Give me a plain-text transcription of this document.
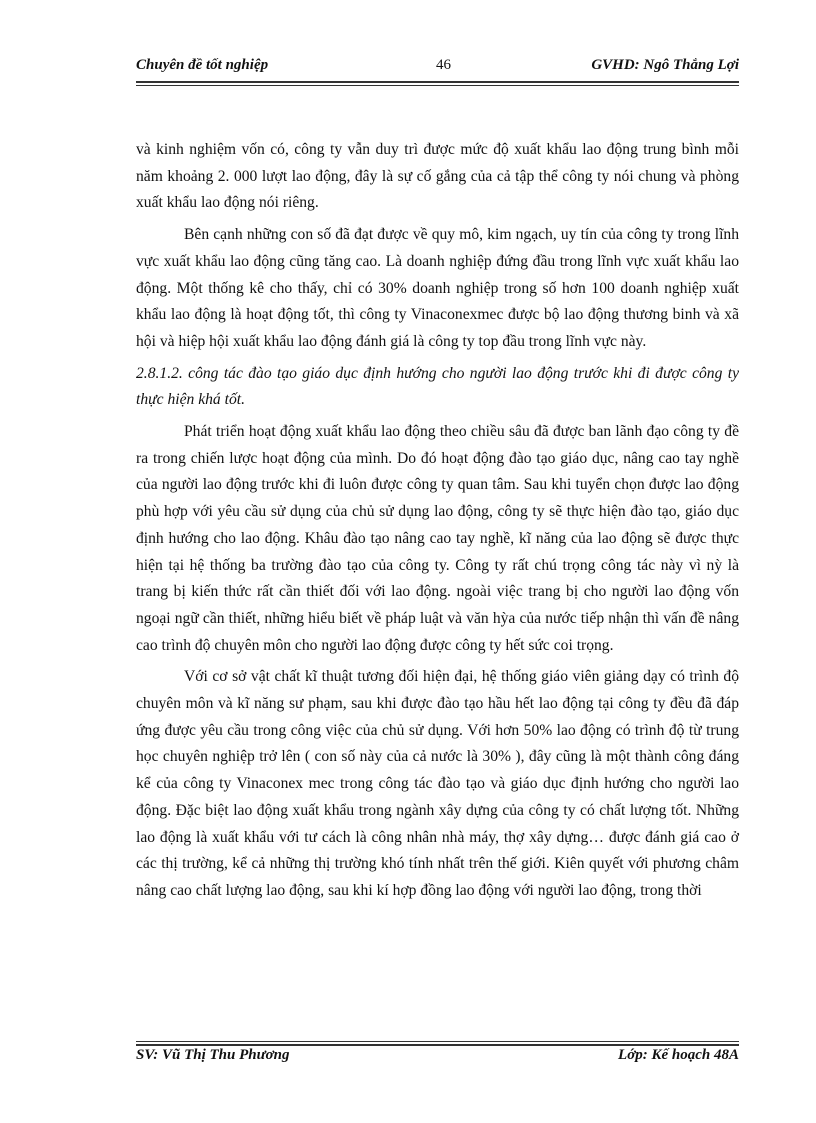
Chuyên đề tốt nghiệp	46	GVHD: Ngô Thắng Lợi

và kinh nghiệm vốn có, công ty vẫn duy trì được mức độ xuất khẩu lao động trung bình mỗi năm khoảng 2. 000 lượt lao động, đây là sự cố gắng của cả tập thể công ty nói chung và phòng xuất khẩu lao động nói riêng.

Bên cạnh những con số đã đạt được về quy mô, kim ngạch, uy tín của công ty trong lĩnh vực xuất khẩu lao động cũng tăng cao. Là doanh nghiệp đứng đầu trong lĩnh vực xuất khẩu lao động. Một thống kê cho thấy, chỉ có 30% doanh nghiệp trong số hơn 100 doanh nghiệp xuất khẩu lao động là hoạt động tốt, thì công ty Vinaconexmec được bộ lao động thương binh và xã hội và hiệp hội xuất khẩu lao động đánh giá là công ty top đầu trong lĩnh vực này.

2.8.1.2. công tác đào tạo giáo dục định hướng cho người lao động trước khi đi được công ty thực hiện khá tốt.

Phát triển hoạt động xuất khẩu lao động theo chiều sâu đã được ban lãnh đạo công ty đề ra trong chiến lược hoạt động của mình. Do đó hoạt động đào tạo giáo dục, nâng cao tay nghề của người lao động trước khi đi luôn được công ty quan tâm. Sau khi tuyển chọn được lao động phù hợp với yêu cầu sử dụng của chủ sử dụng lao động, công ty sẽ thực hiện đào tạo, giáo dục định hướng cho lao động. Khâu đào tạo nâng cao tay nghề, kĩ năng của lao động sẽ được thực hiện tại hệ thống ba trường đào tạo của công ty. Công ty rất chú trọng công tác này vì nỳ là trang bị kiến thức rất cần thiết đối với lao động. ngoài việc trang bị cho người lao động vốn ngoại ngữ cần thiết, những hiểu biết về pháp luật và văn hỳa của nước tiếp nhận thì vấn đề nâng cao trình độ chuyên môn cho người lao động được công ty hết sức coi trọng.

Với cơ sở vật chất kĩ thuật tương đối hiện đại, hệ thống giáo viên giảng dạy có trình độ chuyên môn và kĩ năng sư phạm, sau khi được đào tạo hầu hết lao động tại công ty đều đã đáp ứng được yêu cầu trong công việc của chủ sử dụng. Với hơn 50% lao động có trình độ từ trung học chuyên nghiệp trở lên ( con số này của cả nước là 30% ), đây cũng là một thành công đáng kể của công ty Vinaconex mec trong công tác đào tạo và giáo dục định hướng cho người lao động. Đặc biệt lao động xuất khẩu trong ngành xây dựng của công ty có chất lượng tốt. Những lao động là xuất khẩu với tư cách là công nhân nhà máy, thợ xây dựng… được đánh giá cao ở các thị trường, kể cả những thị trường khó tính nhất trên thế giới. Kiên quyết với phương châm nâng cao chất lượng lao động, sau khi kí hợp đồng lao động với người lao động, trong thời

SV: Vũ Thị Thu Phương	Lớp: Kế hoạch 48A
